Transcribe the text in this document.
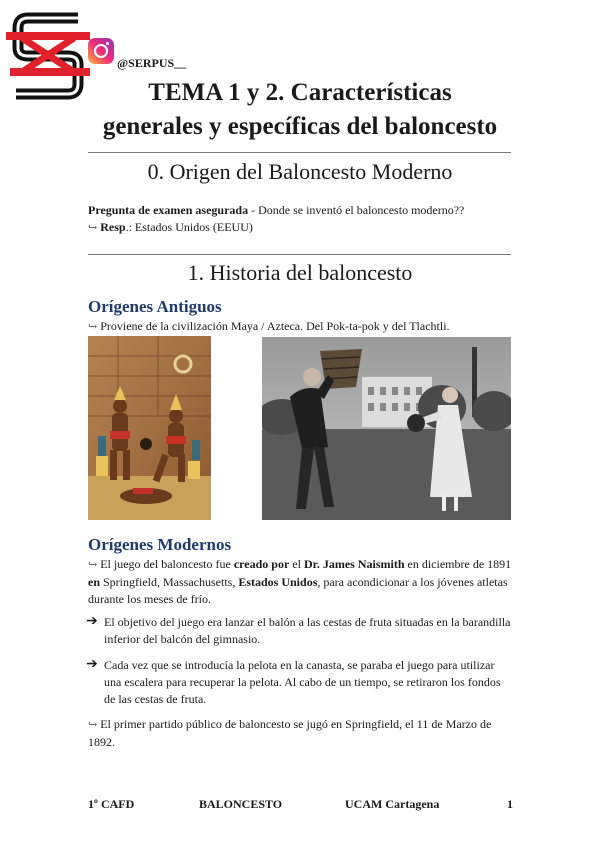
@SERPUS__
TEMA 1 y 2. Características
generales y específicas del baloncesto
0. Origen del Baloncesto Moderno
Pregunta de examen asegurada - Donde se inventó el baloncesto moderno??
↪ Resp.: Estados Unidos (EEUU)
1. Historia del baloncesto
Orígenes Antiguos
↪ Proviene de la civilización Maya / Azteca. Del Pok-ta-pok y del Tlachtli.
Orígenes Modernos
↪ El juego del baloncesto fue creado por el Dr. James Naismith en diciembre de 1891
en Springfield, Massachusetts, Estados Unidos, para acondicionar a los jóvenes atletas
durante los meses de frío.
➔ El objetivo del juego era lanzar el balón a las cestas de fruta situadas en la barandilla
inferior del balcón del gimnasio.
➔ Cada vez que se introducía la pelota en la canasta, se paraba el juego para utilizar
una escalera para recuperar la pelota. Al cabo de un tiempo, se retiraron los fondos
de las cestas de fruta.
↪ El primer partido público de baloncesto se jugó en Springfield, el 11 de Marzo de
1892.
1º CAFD	BALONCESTO	UCAM Cartagena	1
